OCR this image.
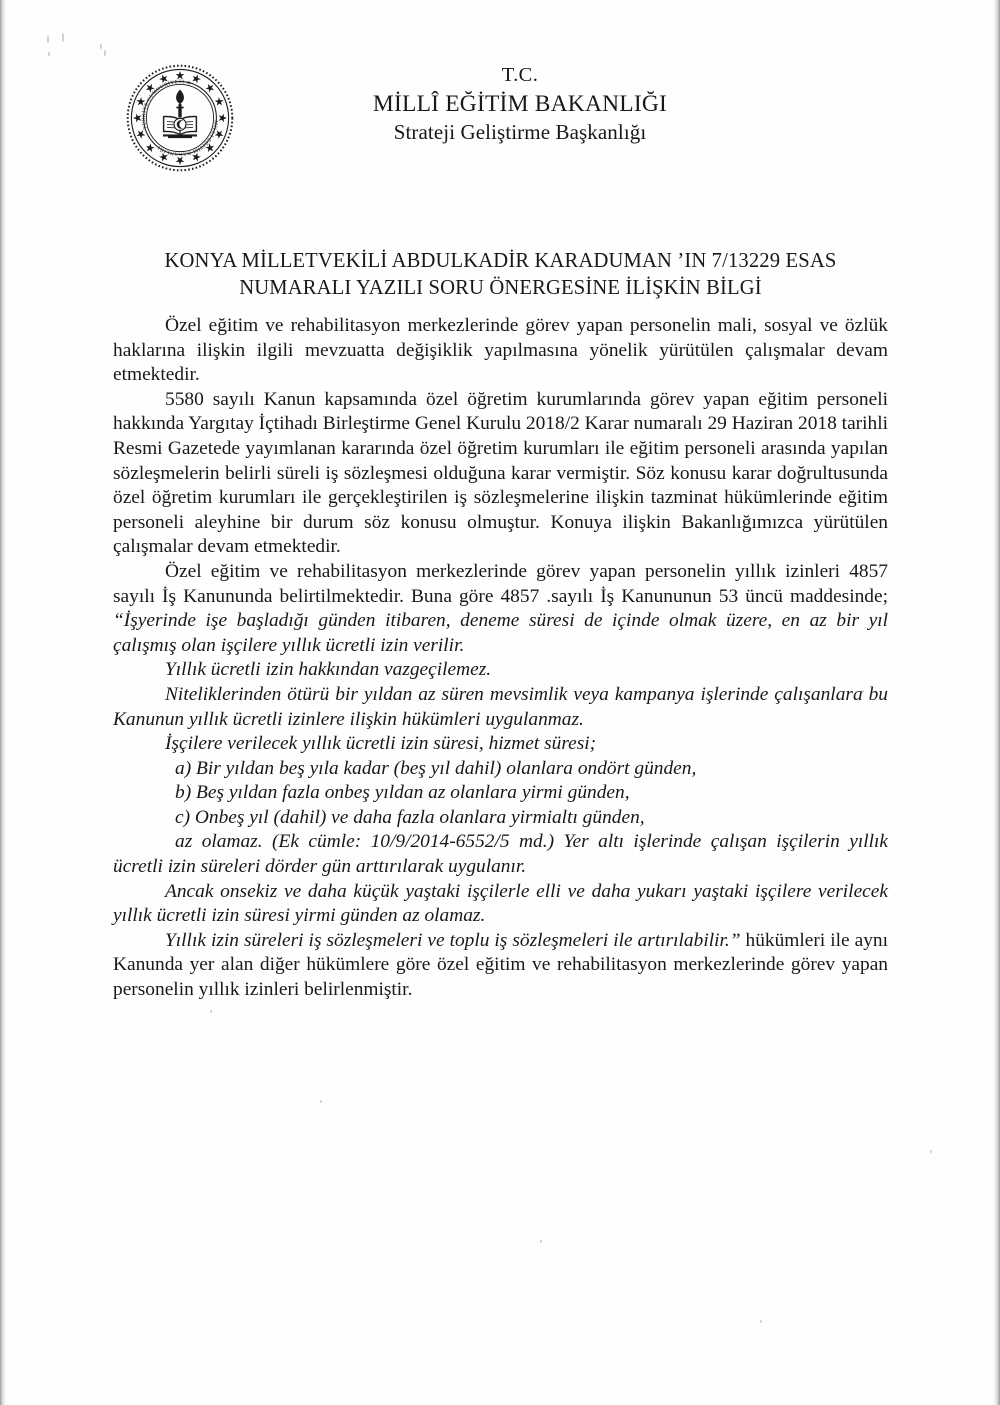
MİLLİ EĞİTİM BAKANLIĞI
TÜRKİYE CUMHURİYETİ ★	T.C.
MİLLÎ EĞİTİM BAKANLIĞI
Strateji Geliştirme Başkanlığı
KONYA MİLLETVEKİLİ ABDULKADİR KARADUMAN ’IN 7/13229 ESAS
NUMARALI YAZILI SORU ÖNERGESİNE İLİŞKİN BİLGİ

Özel eğitim ve rehabilitasyon merkezlerinde görev yapan personelin mali, sosyal ve özlük haklarına ilişkin ilgili mevzuatta değişiklik yapılmasına yönelik yürütülen çalışmalar devam etmektedir.

5580 sayılı Kanun kapsamında özel öğretim kurumlarında görev yapan eğitim personeli hakkında Yargıtay İçtihadı Birleştirme Genel Kurulu 2018/2 Karar numaralı 29 Haziran 2018 tarihli Resmi Gazetede yayımlanan kararında özel öğretim kurumları ile eğitim personeli arasında yapılan sözleşmelerin belirli süreli iş sözleşmesi olduğuna karar vermiştir. Söz konusu karar doğrultusunda özel öğretim kurumları ile gerçekleştirilen iş sözleşmelerine ilişkin tazminat hükümlerinde eğitim personeli aleyhine bir durum söz konusu olmuştur. Konuya ilişkin Bakanlığımızca yürütülen çalışmalar devam etmektedir.

Özel eğitim ve rehabilitasyon merkezlerinde görev yapan personelin yıllık izinleri 4857 sayılı İş Kanununda belirtilmektedir. Buna göre 4857 .sayılı İş Kanununun 53 üncü maddesinde; “İşyerinde işe başladığı günden itibaren, deneme süresi de içinde olmak üzere, en az bir yıl çalışmış olan işçilere yıllık ücretli izin verilir.

Yıllık ücretli izin hakkından vazgeçilemez.

Niteliklerinden ötürü bir yıldan az süren mevsimlik veya kampanya işlerinde çalışanlara bu Kanunun yıllık ücretli izinlere ilişkin hükümleri uygulanmaz.

İşçilere verilecek yıllık ücretli izin süresi, hizmet süresi;

a) Bir yıldan beş yıla kadar (beş yıl dahil) olanlara ondört günden,

b) Beş yıldan fazla onbeş yıldan az olanlara yirmi günden,

c) Onbeş yıl (dahil) ve daha fazla olanlara yirmialtı günden,

az olamaz. (Ek cümle: 10/9/2014-6552/5 md.) Yer altı işlerinde çalışan işçilerin yıllık ücretli izin süreleri dörder gün arttırılarak uygulanır.

Ancak onsekiz ve daha küçük yaştaki işçilerle elli ve daha yukarı yaştaki işçilere verilecek yıllık ücretli izin süresi yirmi günden az olamaz.

Yıllık izin süreleri iş sözleşmeleri ve toplu iş sözleşmeleri ile artırılabilir.” hükümleri ile aynı Kanunda yer alan diğer hükümlere göre özel eğitim ve rehabilitasyon merkezlerinde görev yapan personelin yıllık izinleri belirlenmiştir.
